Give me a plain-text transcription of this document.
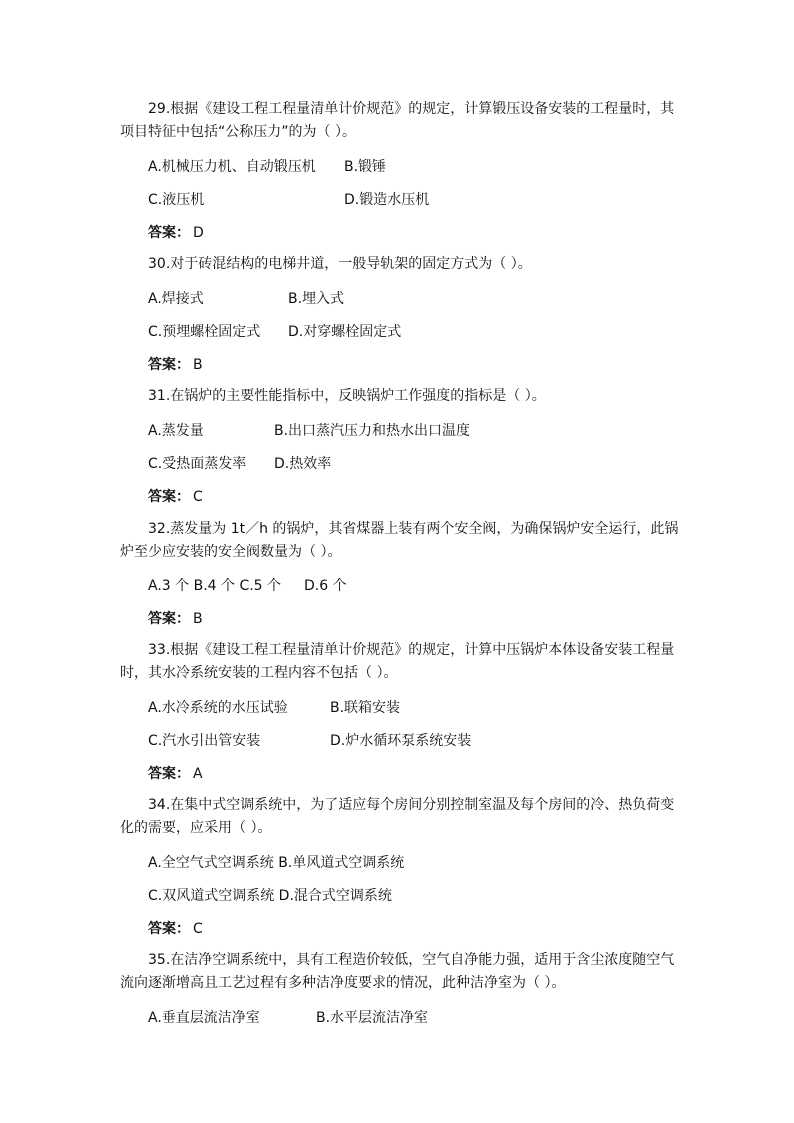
29.根据《建设工程工程量清单计价规范》的规定，计算锻压设备安装的工程量时，其项目特征中包括“公称压力”的为（ ）。

A.机械压力机、自动锻压机 B.锻锤
C.液压机	D.锻造水压机
答案： D

30.对于砖混结构的电梯井道，一般导轨架的固定方式为（ ）。

A.焊接式	B.埋入式
C.预埋螺栓固定式 D.对穿螺栓固定式
答案： B

31.在锅炉的主要性能指标中，反映锅炉工作强度的指标是（ ）。

A.蒸发量	B.出口蒸汽压力和热水出口温度
C.受热面蒸发率 D.热效率
答案： C

32.蒸发量为 1t／h 的锅炉，其省煤器上装有两个安全阀，为确保锅炉安全运行，此锅炉至少应安装的安全阀数量为（ ）。

A.3 个 B.4 个 C.5 个 D.6 个
答案： B

33.根据《建设工程工程量清单计价规范》的规定，计算中压锅炉本体设备安装工程量时，其水冷系统安装的工程内容不包括（ ）。

A.水冷系统的水压试验	B.联箱安装
C.汽水引出管安装	D.炉水循环泵系统安装
答案： A

34.在集中式空调系统中，为了适应每个房间分别控制室温及每个房间的冷、热负荷变化的需要，应采用（ ）。

A.全空气式空调系统 B.单风道式空调系统
C.双风道式空调系统 D.混合式空调系统
答案： C

35.在洁净空调系统中，具有工程造价较低，空气自净能力强，适用于含尘浓度随空气流向逐渐增高且工艺过程有多种洁净度要求的情况，此种洁净室为（ ）。

A.垂直层流洁净室	B.水平层流洁净室
